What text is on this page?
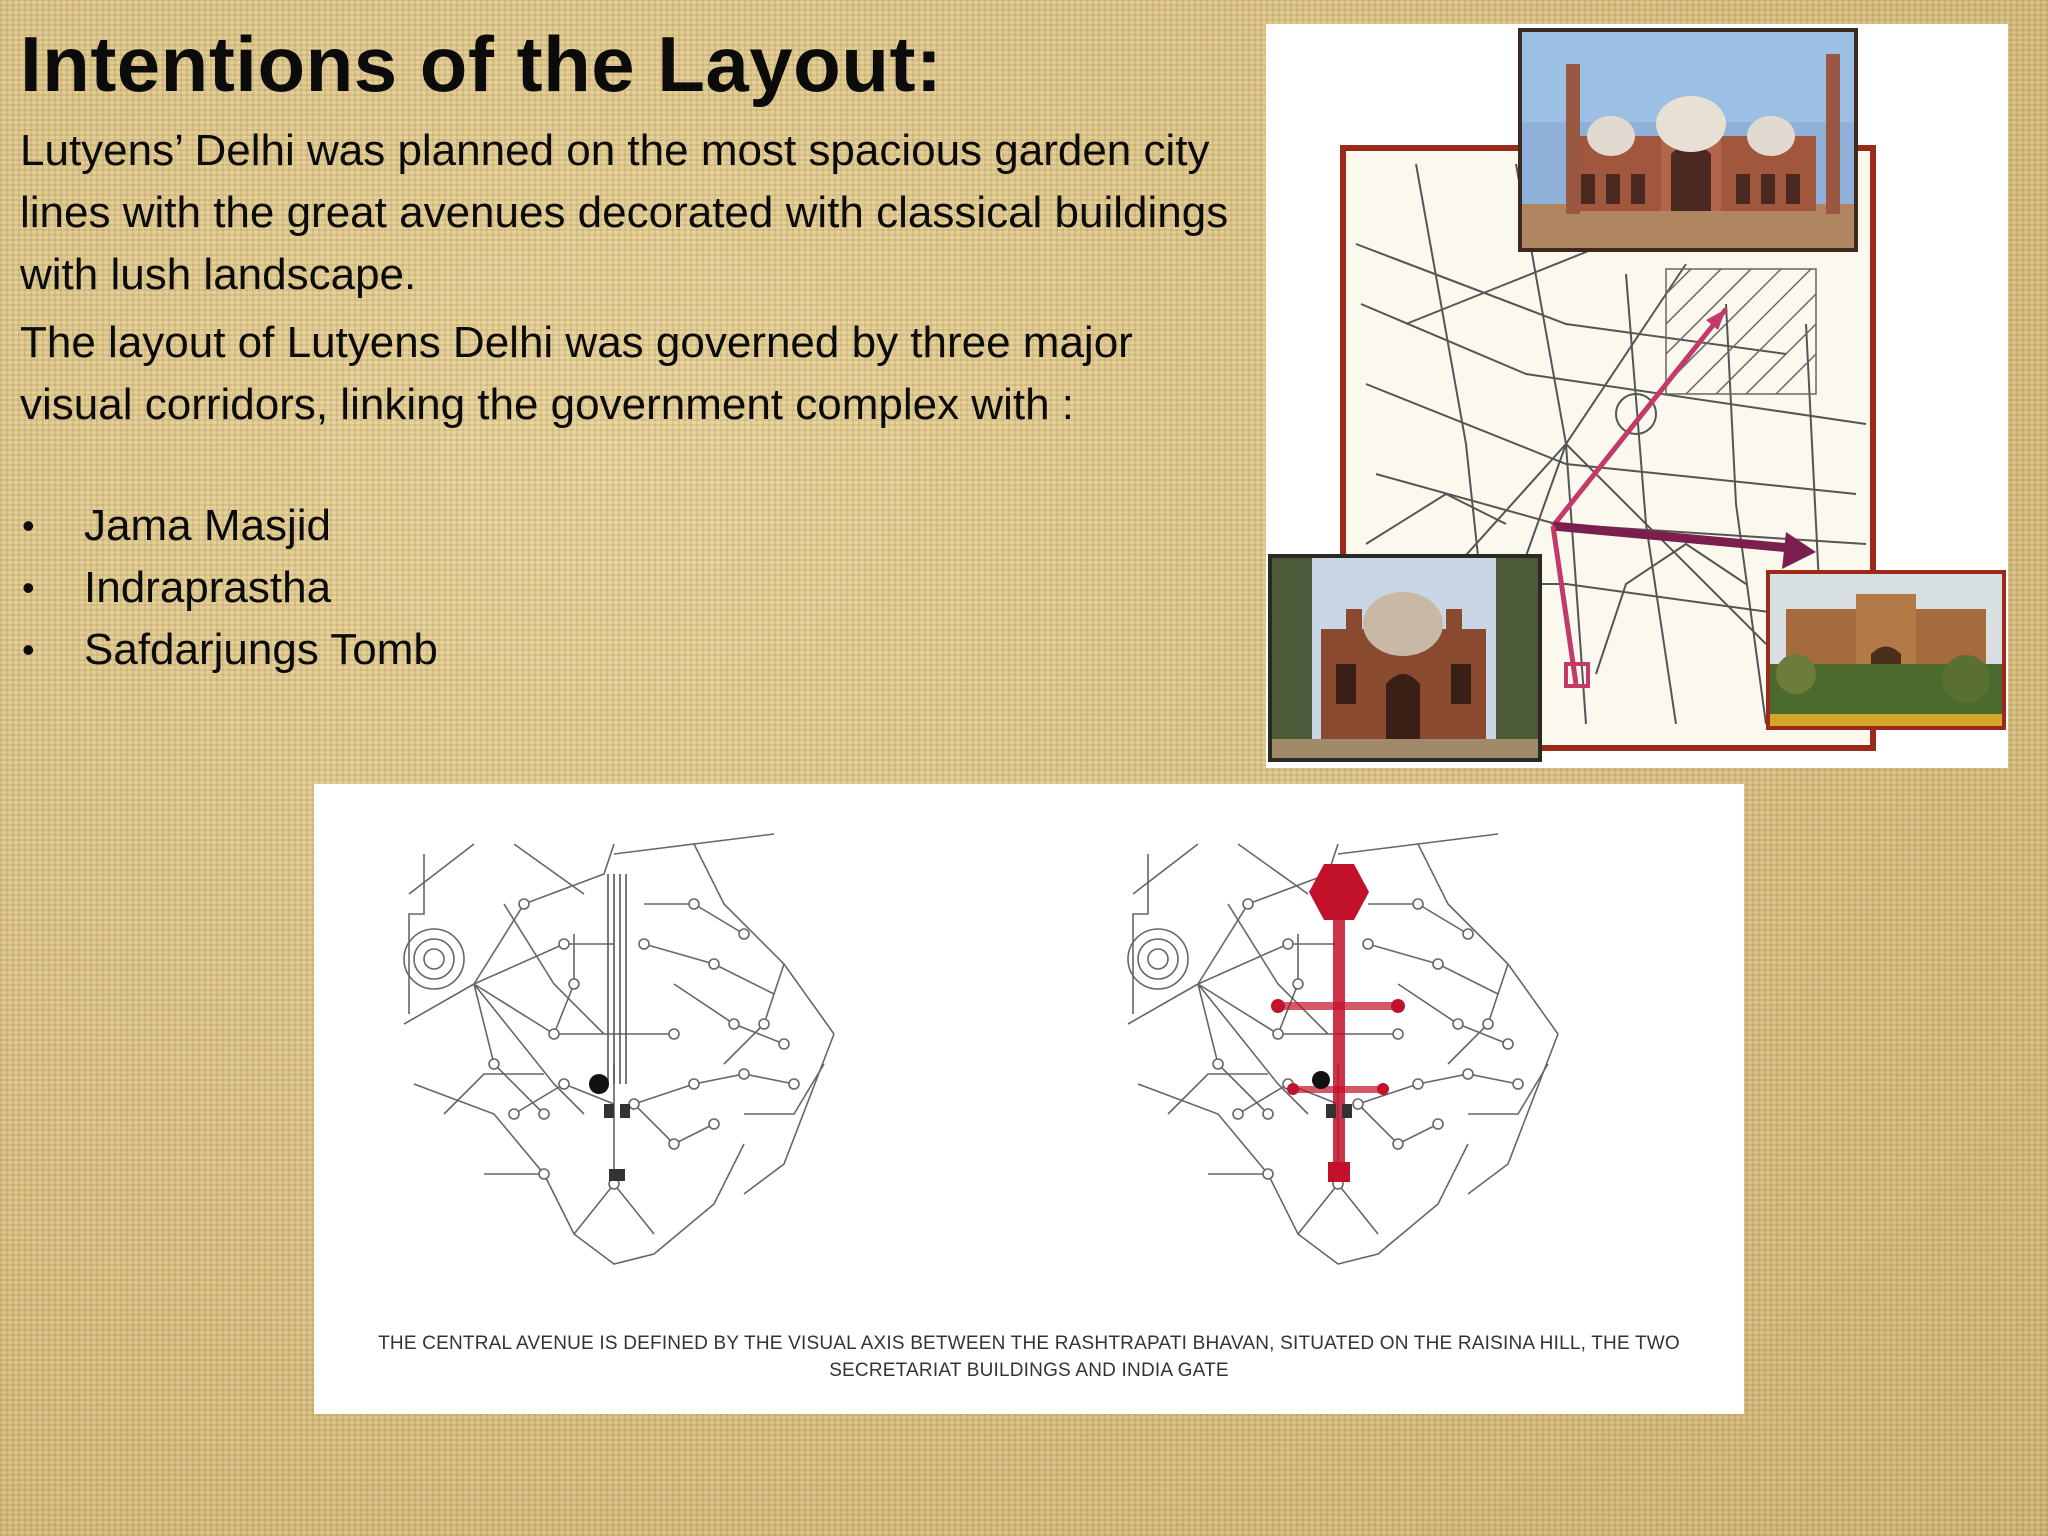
Intentions of the Layout:

Lutyens’ Delhi was planned on the most spacious garden city lines with the great avenues decorated with classical buildings with lush landscape.

The layout of Lutyens Delhi was governed by three major visual corridors, linking the government complex with :

• Jama Masjid
• Indraprastha
• Safdarjungs Tomb
THE CENTRAL AVENUE IS DEFINED BY THE VISUAL AXIS BETWEEN THE RASHTRAPATI BHAVAN, SITUATED ON THE RAISINA HILL, THE TWO SECRETARIAT BUILDINGS AND INDIA GATE
